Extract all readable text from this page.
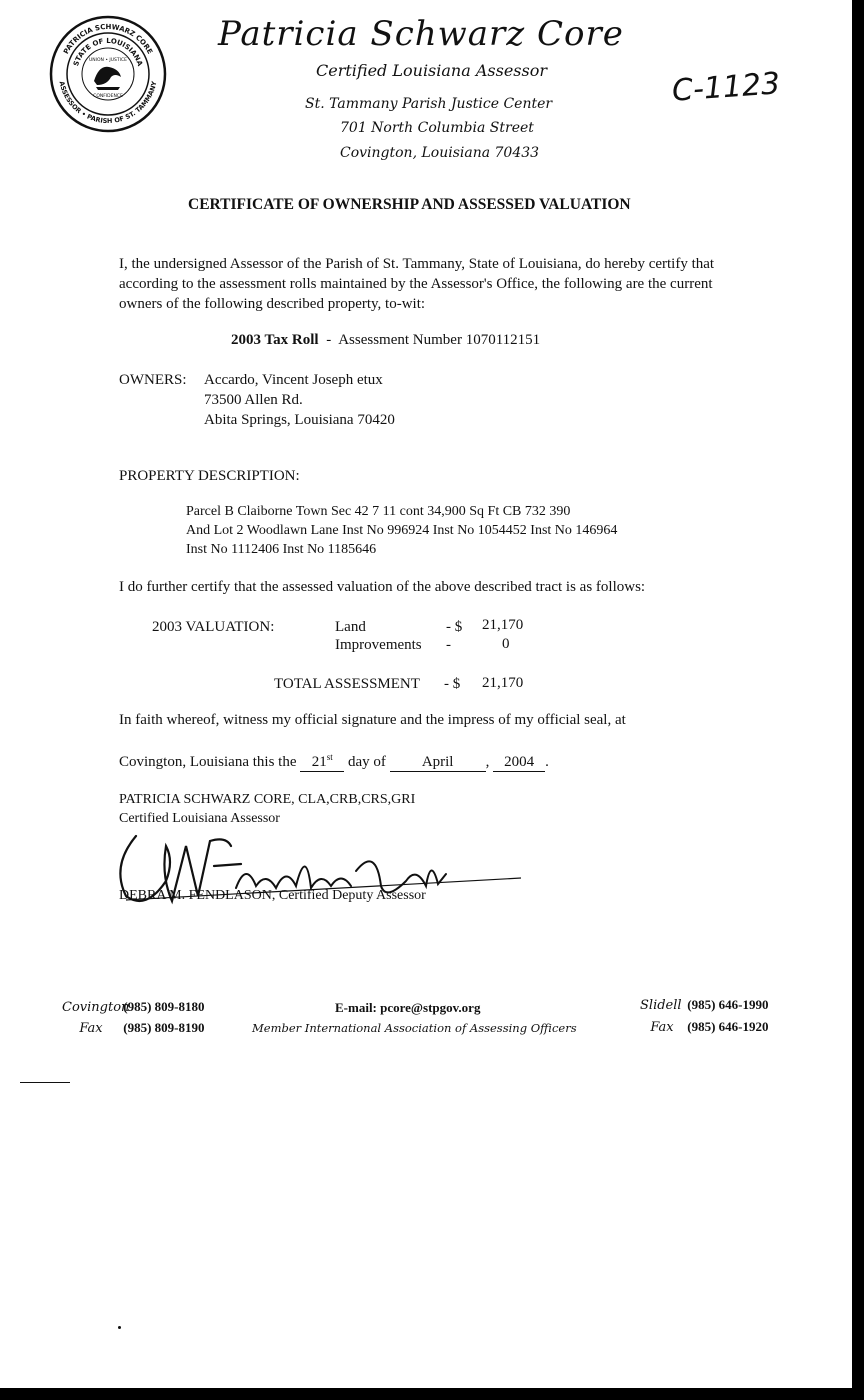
PATRICIA SCHWARZ CORE
ASSESSOR • PARISH OF ST. TAMMANY
STATE OF LOUISIANA
UNION • JUSTICE
CONFIDENCE
Patricia Schwarz Core
Certified Louisiana Assessor
St. Tammany Parish Justice Center
701 North Columbia Street
Covington, Louisiana 70433
C-1123
CERTIFICATE OF OWNERSHIP AND ASSESSED VALUATION
I, the undersigned Assessor of the Parish of St. Tammany, State of Louisiana, do hereby certify that
according to the assessment rolls maintained by the Assessor's Office, the following are the current
owners of the following described property, to-wit:
2003 Tax Roll - Assessment Number 1070112151
OWNERS: Accardo, Vincent Joseph etux
73500 Allen Rd.
Abita Springs, Louisiana 70420
PROPERTY DESCRIPTION:
Parcel B Claiborne Town Sec 42 7 11 cont 34,900 Sq Ft CB 732 390
And Lot 2 Woodlawn Lane Inst No 996924 Inst No 1054452 Inst No 146964
Inst No 1112406 Inst No 1185646
I do further certify that the assessed valuation of the above described tract is as follows:
2003 VALUATION:	Land	- $ 21,170
Improvements -	0
TOTAL ASSESSMENT - $ 21,170
In faith whereof, witness my official signature and the impress of my official seal, at
Covington, Louisiana this the 21st day of April , 2004 .
PATRICIA SCHWARZ CORE, CLA,CRB,CRS,GRI
Certified Louisiana Assessor
DMFendlason, Dpty
DEBRA M. FENDLASON, Certified Deputy Assessor
Covington (985) 809-8180
Fax (985) 809-8190
E-mail: pcore@stpgov.org
Member International Association of Assessing Officers
Slidell (985) 646-1990
Fax (985) 646-1920
